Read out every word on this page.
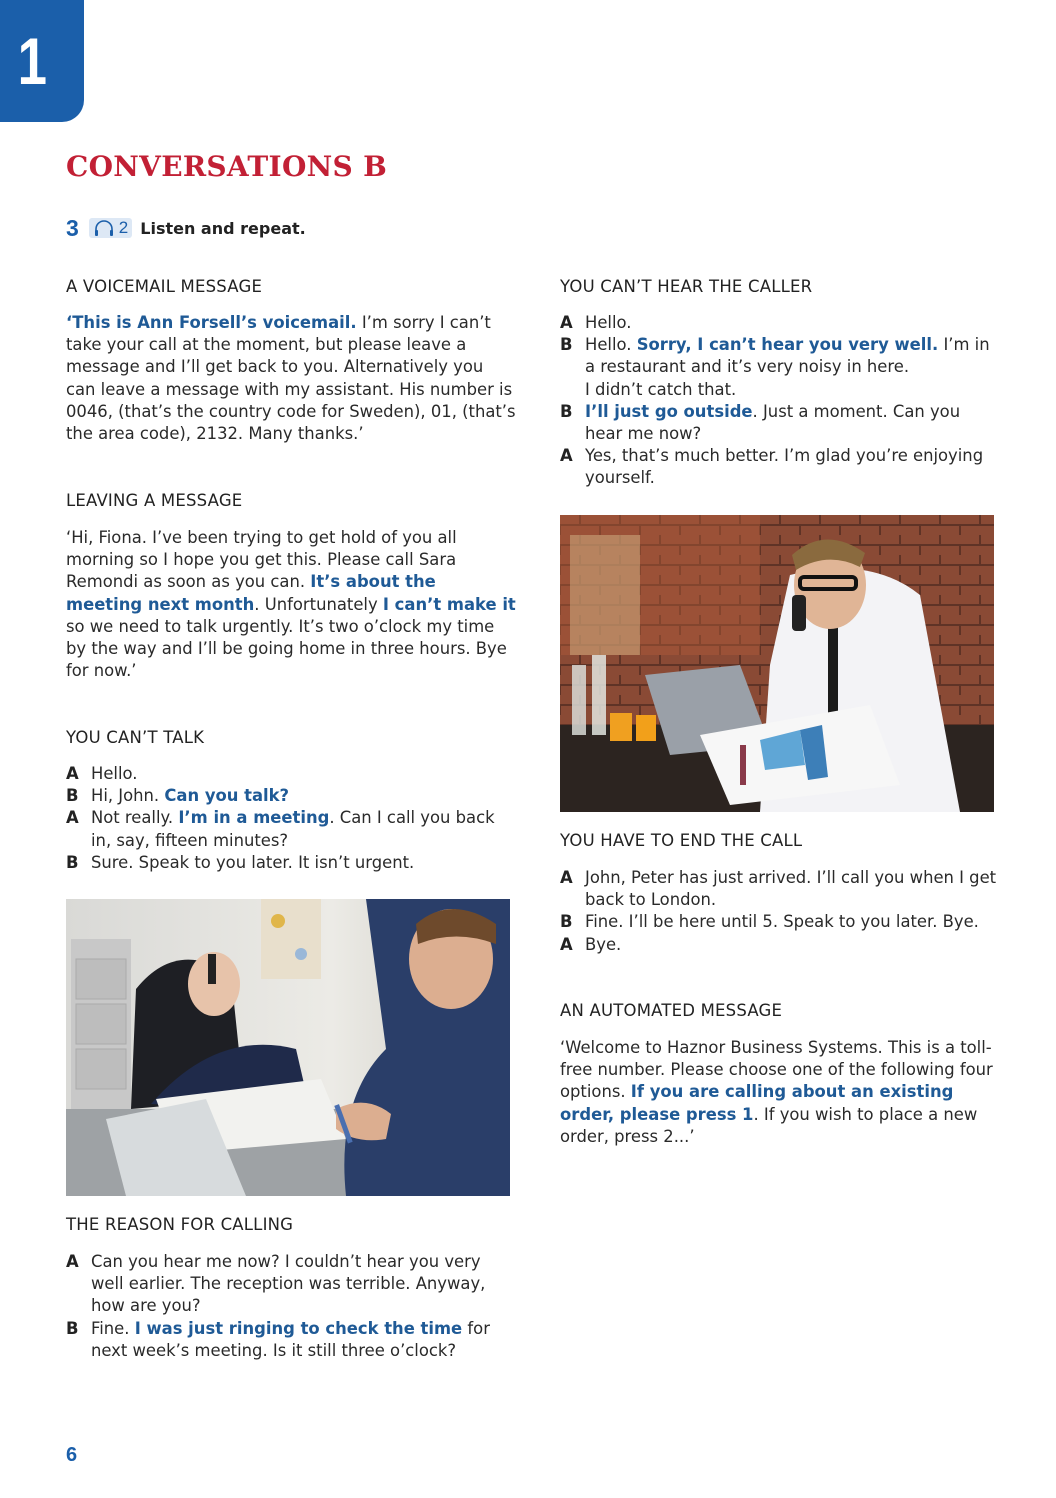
1
CONVERSATIONS B
3 2 Listen and repeat.
A VOICEMAIL MESSAGE

‘This is Ann Forsell’s voicemail. I’m sorry I can’t take your call at the moment, but please leave a message and I’ll get back to you. Alternatively you can leave a message with my assistant. His number is 0046, (that’s the country code for Sweden), 01, (that’s the area code), 2132. Many thanks.’

LEAVING A MESSAGE

‘Hi, Fiona. I’ve been trying to get hold of you all morning so I hope you get this. Please call Sara Remondi as soon as you can. It’s about the meeting next month. Unfortunately I can’t make it so we need to talk urgently. It’s two o’clock my time by the way and I’ll be going home in three hours. Bye for now.’

YOU CAN’T TALK
A Hello.
B Hi, John. Can you talk?
A Not really. I’m in a meeting. Can I call you back in, say, fifteen minutes?
B Sure. Speak to you later. It isn’t urgent.
THE REASON FOR CALLING
A Can you hear me now? I couldn’t hear you very well earlier. The reception was terrible. Anyway, how are you?
B Fine. I was just ringing to check the time for next week’s meeting. Is it still three o’clock?
YOU CAN’T HEAR THE CALLER
A Hello.
B Hello. Sorry, I can’t hear you very well. I’m in a restaurant and it’s very noisy in here.
I didn’t catch that.
B I’ll just go outside. Just a moment. Can you hear me now?
A Yes, that’s much better. I’m glad you’re enjoying yourself.
YOU HAVE TO END THE CALL
A John, Peter has just arrived. I’ll call you when I get back to London.
B Fine. I’ll be here until 5. Speak to you later. Bye.
A Bye.
AN AUTOMATED MESSAGE

‘Welcome to Haznor Business Systems. This is a toll-free number. Please choose one of the following four options. If you are calling about an existing order, please press 1. If you wish to place a new order, press 2...’

6
